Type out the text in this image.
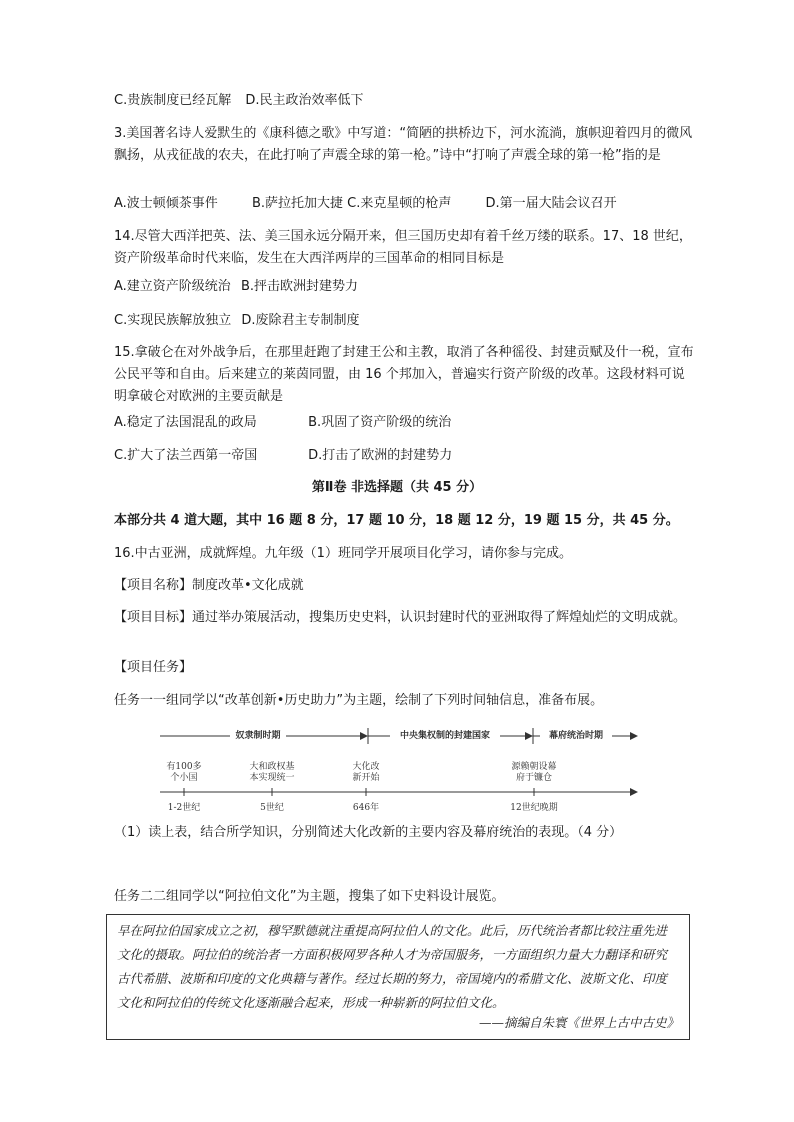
C.贵族制度已经瓦解 D.民主政治效率低下
3.美国著名诗人爱默生的《康科德之歌》中写道：“简陋的拱桥边下，河水流淌，旗帜迎着四月的微风飘扬，从戎征战的农夫，在此打响了声震全球的第一枪。”诗中“打响了声震全球的第一枪”指的是
A.波士顿倾茶事件	B.萨拉托加大捷 C.来克星顿的枪声	D.第一届大陆会议召开
14.尽管大西洋把英、法、美三国永远分隔开来，但三国历史却有着千丝万缕的联系。17、18 世纪，资产阶级革命时代来临，发生在大西洋两岸的三国革命的相同目标是
A.建立资产阶级统治 B.抨击欧洲封建势力
C.实现民族解放独立 D.废除君主专制制度
15.拿破仑在对外战争后，在那里赶跑了封建王公和主教，取消了各种徭役、封建贡赋及什一税，宣布公民平等和自由。后来建立的莱茵同盟，由 16 个邦加入，普遍实行资产阶级的改革。这段材料可说明拿破仑对欧洲的主要贡献是
A.稳定了法国混乱的政局	B.巩固了资产阶级的统治
C.扩大了法兰西第一帝国	D.打击了欧洲的封建势力
第Ⅱ卷 非选择题（共 45 分）
本部分共 4 道大题，其中 16 题 8 分，17 题 10 分，18 题 12 分，19 题 15 分，共 45 分。
16.中古亚洲，成就辉煌。九年级（1）班同学开展项目化学习，请你参与完成。
【项目名称】制度改革•文化成就
【项目目标】通过举办策展活动，搜集历史史料，认识封建时代的亚洲取得了辉煌灿烂的文明成就。
【项目任务】
任务一一组同学以“改革创新•历史助力”为主题，绘制了下列时间轴信息，准备布展。
奴隶制时期	中央集权制的封建国家	幕府统治时期
有100多
个小国
大和政权基
本实现统一
大化改
新开始
源赖朝设幕
府于镰仓
1-2世纪	5世纪	646年	12世纪晚期
（1）读上表，结合所学知识，分别简述大化改新的主要内容及幕府统治的表现。（4 分）
任务二二组同学以“阿拉伯文化”为主题，搜集了如下史料设计展览。
早在阿拉伯国家成立之初，穆罕默德就注重提高阿拉伯人的文化。此后，历代统治者都比较注重先进文化的摄取。阿拉伯的统治者一方面积极网罗各种人才为帝国服务，一方面组织力量大力翻译和研究古代希腊、波斯和印度的文化典籍与著作。经过长期的努力，帝国境内的希腊文化、波斯文化、印度文化和阿拉伯的传统文化逐渐融合起来，形成一种崭新的阿拉伯文化。
——摘编自朱寰《世界上古中古史》
